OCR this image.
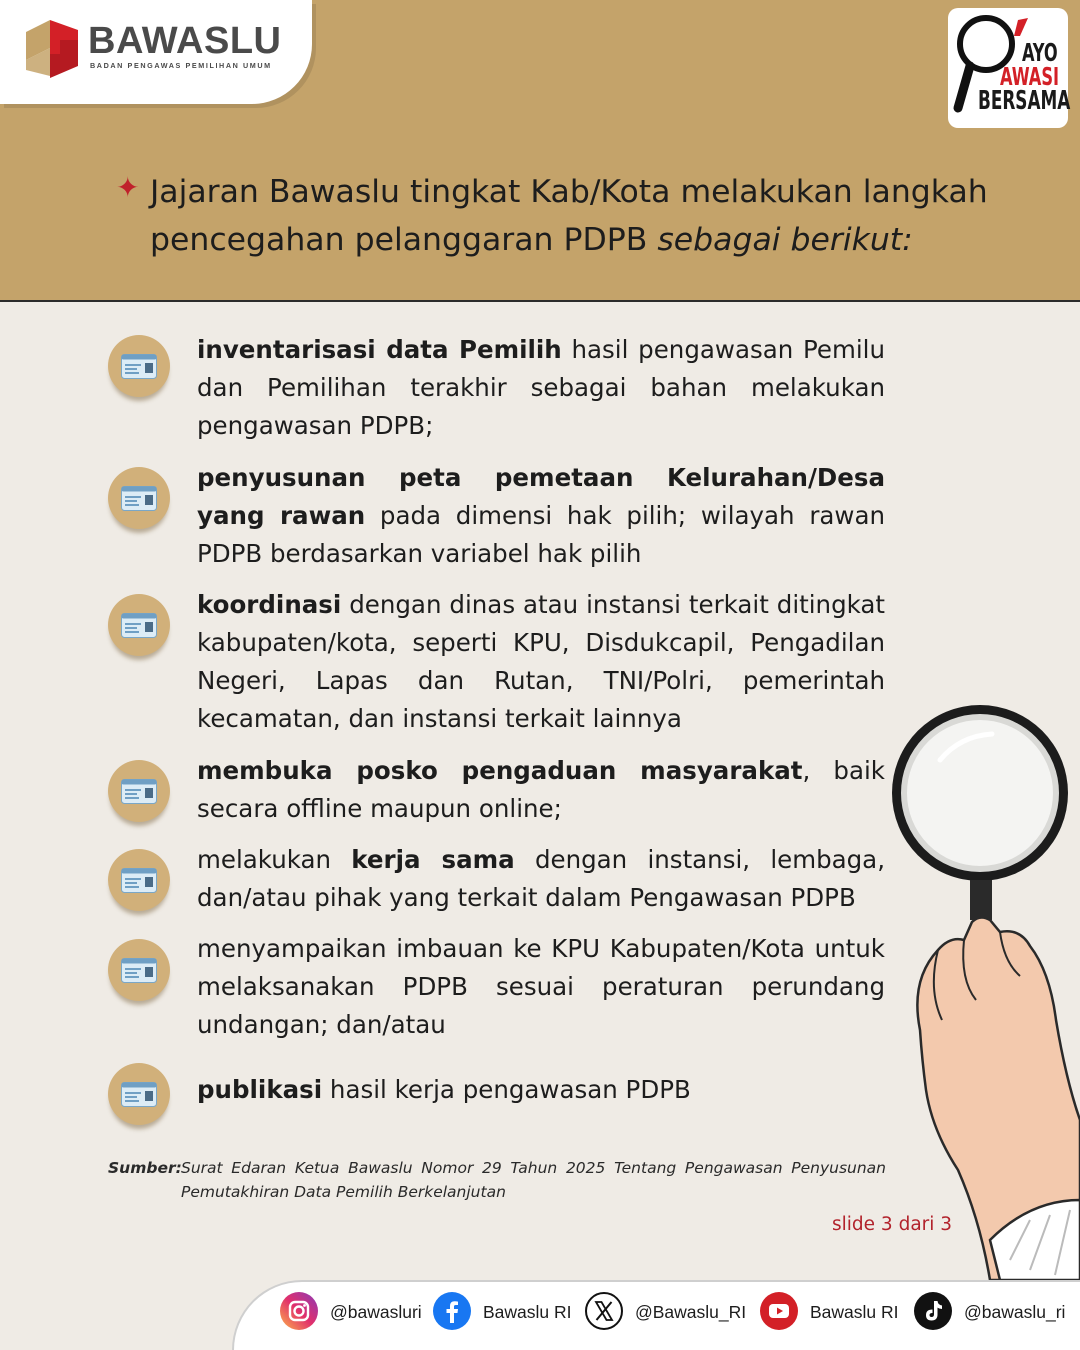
BAWASLU
BADAN PENGAWAS PEMILIHAN UMUM	AYO
AWASI
BERSAMA
✦ Jajaran Bawaslu tingkat Kab/Kota melakukan langkah pencegahan pelanggaran PDPB sebagai berikut:
inventarisasi data Pemilih hasil pengawasan Pemilu dan Pemilihan terakhir sebagai bahan melakukan pengawasan PDPB;
penyusunan peta pemetaan Kelurahan/Desa yang rawan pada dimensi hak pilih; wilayah rawan PDPB berdasarkan variabel hak pilih
koordinasi dengan dinas atau instansi terkait ditingkat kabupaten/kota, seperti KPU, Disdukcapil, Pengadilan Negeri, Lapas dan Rutan, TNI/Polri, pemerintah kecamatan, dan instansi terkait lainnya
membuka posko pengaduan masyarakat, baik secara offline maupun online;
melakukan kerja sama dengan instansi, lembaga, dan/atau pihak yang terkait dalam Pengawasan PDPB
menyampaikan imbauan ke KPU Kabupaten/Kota untuk melaksanakan PDPB sesuai peraturan perundang undangan; dan/atau
publikasi hasil kerja pengawasan PDPB
Sumber: Surat Edaran Ketua Bawaslu Nomor 29 Tahun 2025 Tentang Pengawasan Penyusunan Pemutakhiran Data Pemilih Berkelanjutan
slide 3 dari 3
@bawasluri	Bawaslu RI	@Bawaslu_RI	Bawaslu RI	@bawaslu_ri
